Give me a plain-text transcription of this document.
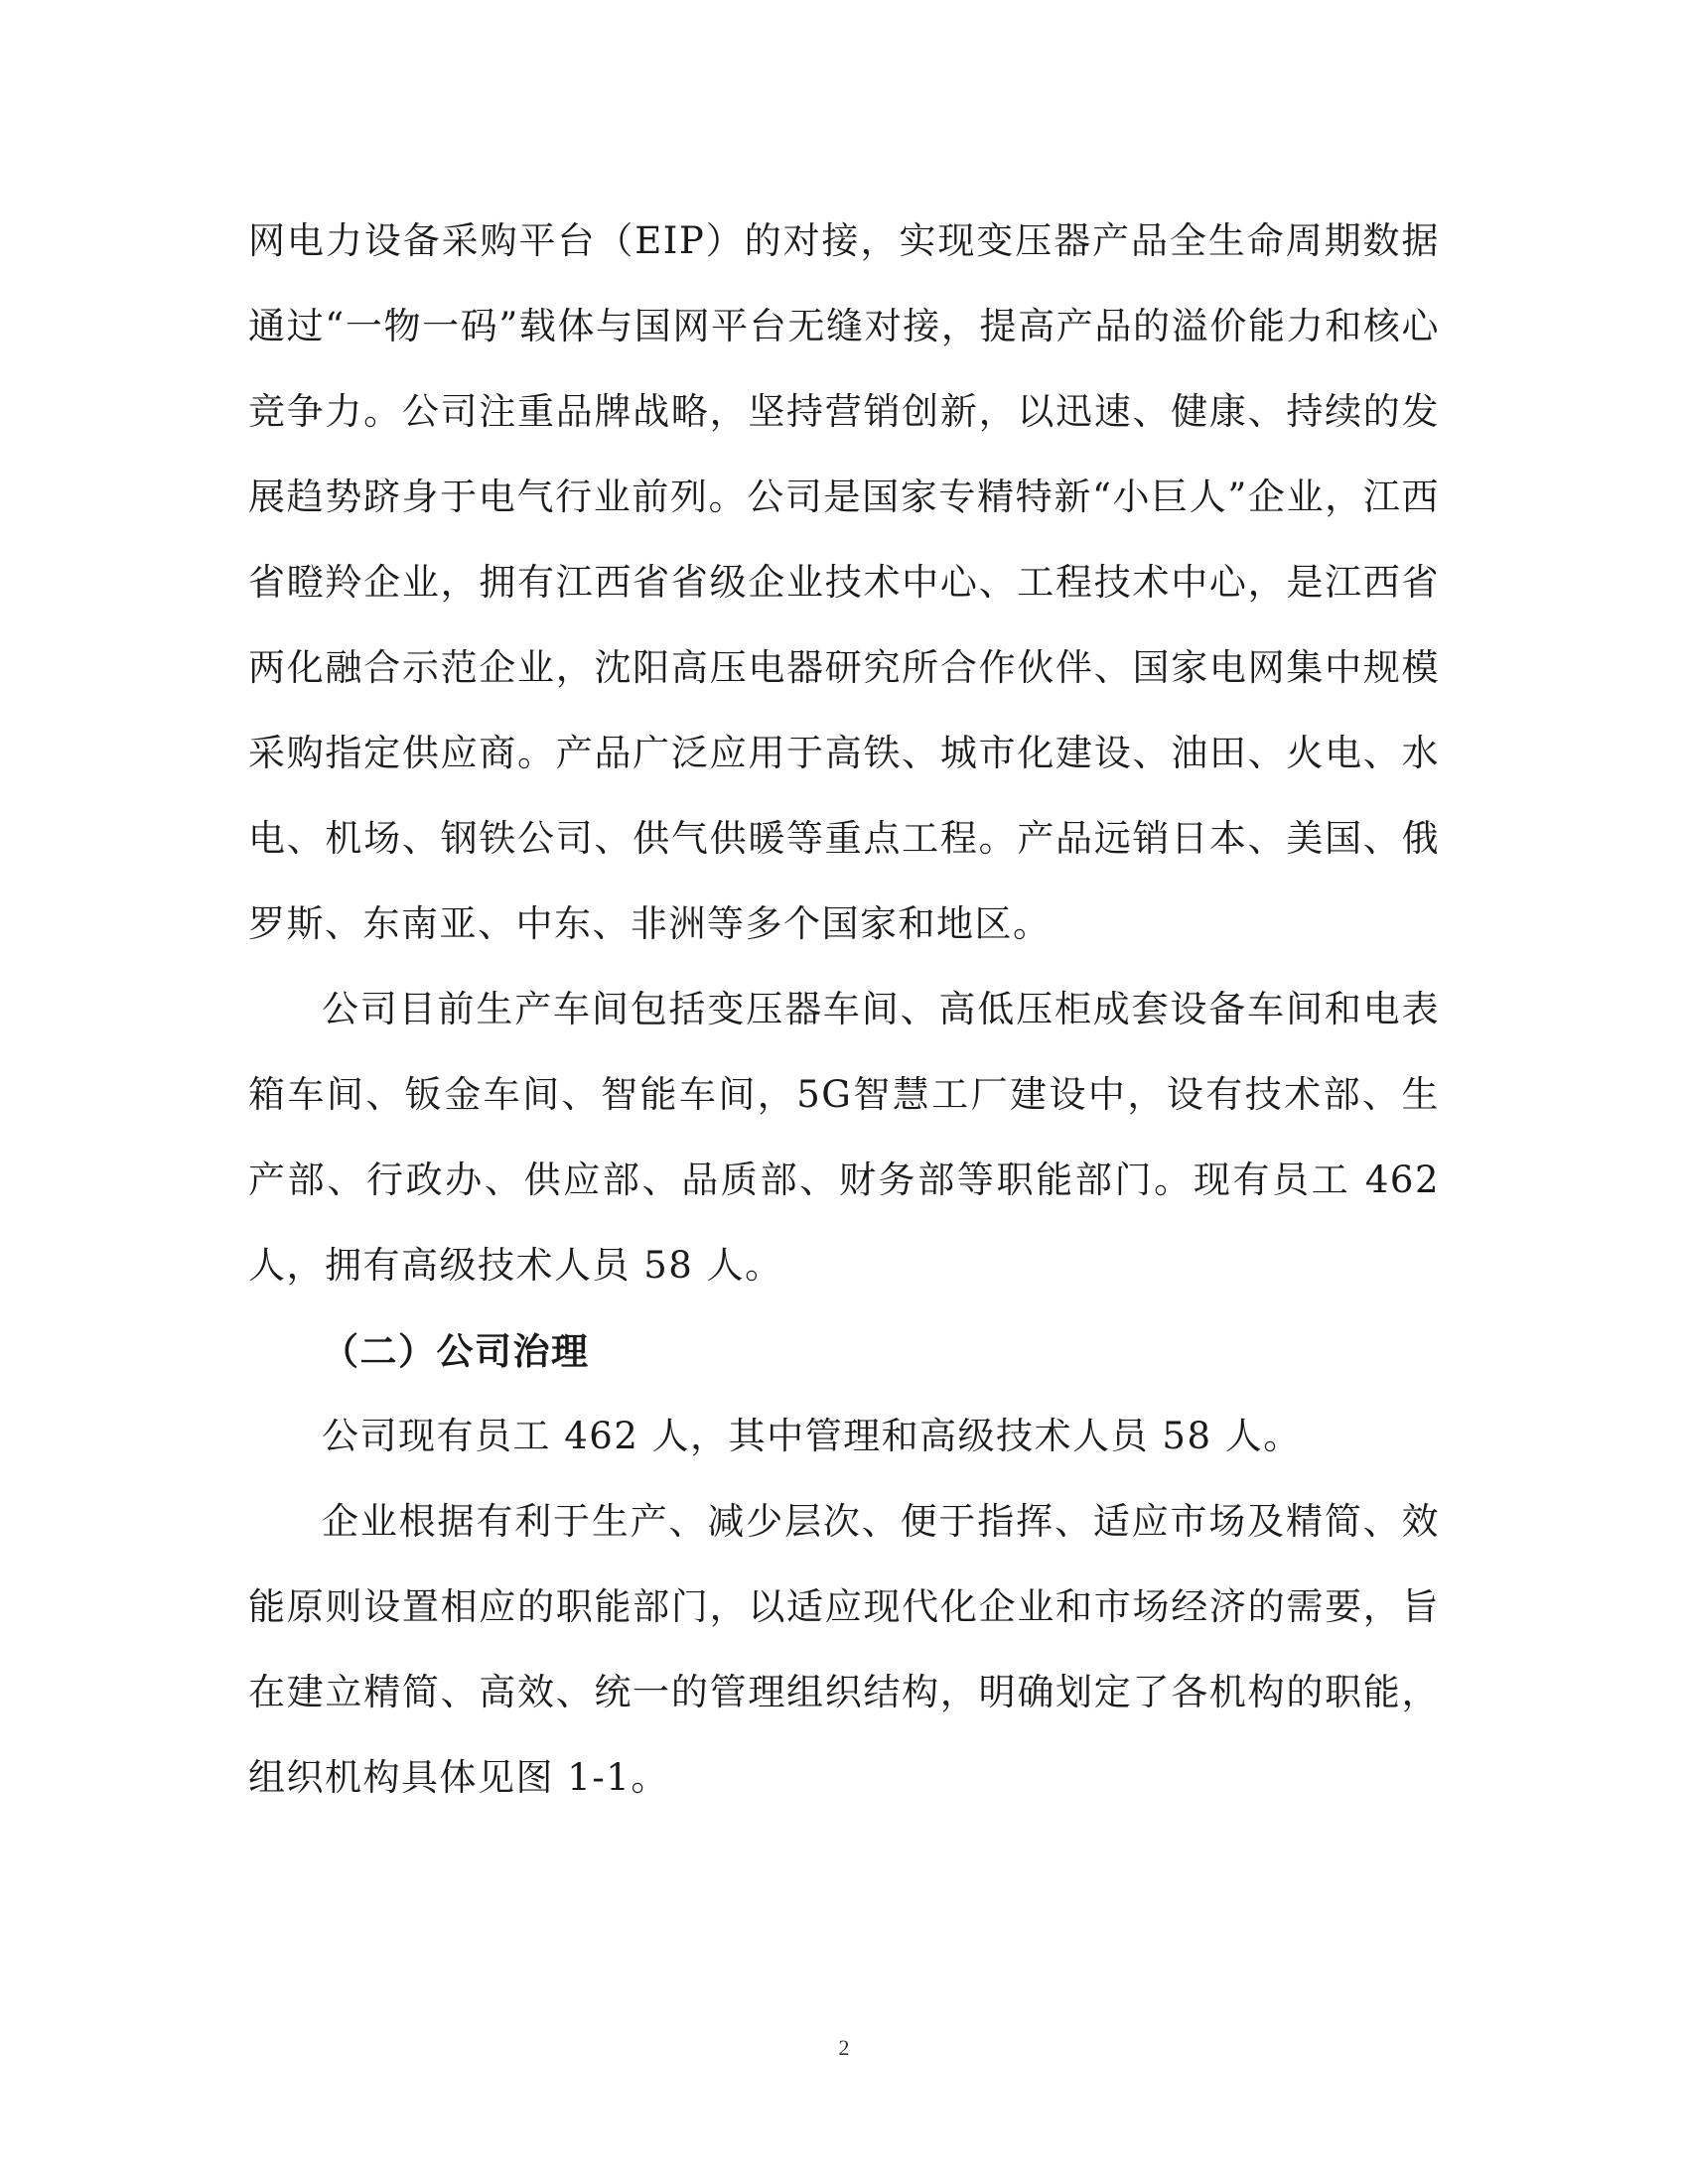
网电力设备采购平台（EIP）的对接，实现变压器产品全生命周期数据通过“一物一码”载体与国网平台无缝对接，提高产品的溢价能力和核心竞争力。公司注重品牌战略，坚持营销创新，以迅速、健康、持续的发展趋势跻身于电气行业前列。公司是国家专精特新“小巨人”企业，江西省瞪羚企业，拥有江西省省级企业技术中心、工程技术中心，是江西省两化融合示范企业，沈阳高压电器研究所合作伙伴、国家电网集中规模采购指定供应商。产品广泛应用于高铁、城市化建设、油田、火电、水电、机场、钢铁公司、供气供暖等重点工程。产品远销日本、美国、俄罗斯、东南亚、中东、非洲等多个国家和地区。

公司目前生产车间包括变压器车间、高低压柜成套设备车间和电表箱车间、钣金车间、智能车间，5G智慧工厂建设中，设有技术部、生产部、行政办、供应部、品质部、财务部等职能部门。现有员工 462 人，拥有高级技术人员 58 人。

（二）公司治理

公司现有员工 462 人，其中管理和高级技术人员 58 人。

企业根据有利于生产、减少层次、便于指挥、适应市场及精简、效能原则设置相应的职能部门，以适应现代化企业和市场经济的需要，旨在建立精简、高效、统一的管理组织结构，明确划定了各机构的职能，组织机构具体见图 1-1。

2
